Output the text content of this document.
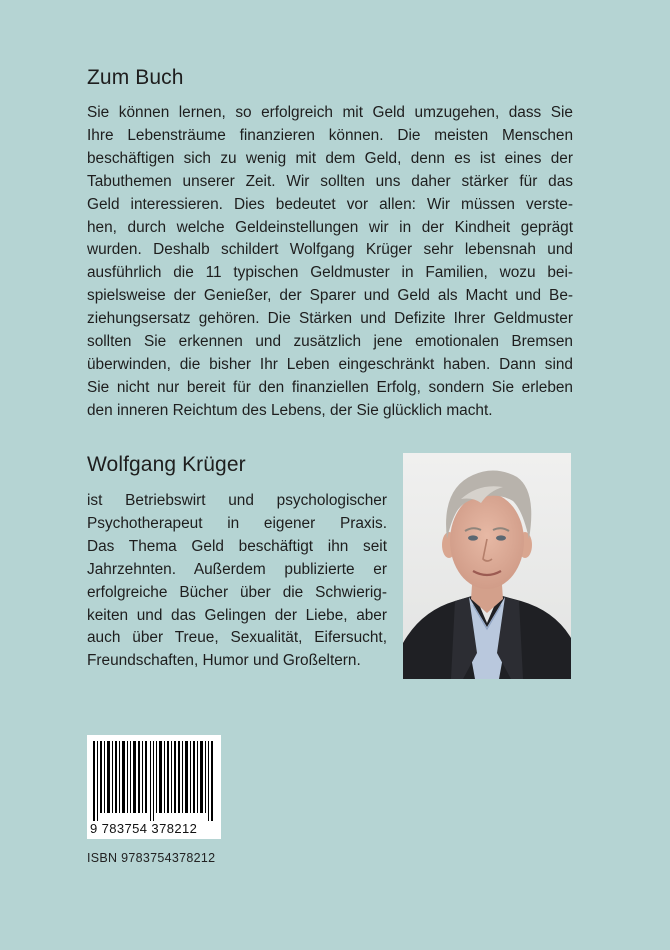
Zum Buch

Sie können lernen, so erfolgreich mit Geld umzugehen, dass Sie
Ihre Lebensträume finanzieren können. Die meisten Menschen
beschäftigen sich zu wenig mit dem Geld, denn es ist eines der
Tabuthemen unserer Zeit. Wir sollten uns daher stärker für das
Geld interessieren. Dies bedeutet vor allen: Wir müssen verste-
hen, durch welche Geldeinstellungen wir in der Kindheit geprägt
wurden. Deshalb schildert Wolfgang Krüger sehr lebensnah und
ausführlich die 11 typischen Geldmuster in Familien, wozu bei-
spielsweise der Genießer, der Sparer und Geld als Macht und Be-
ziehungsersatz gehören. Die Stärken und Defizite Ihrer Geldmuster
sollten Sie erkennen und zusätzlich jene emotionalen Bremsen
überwinden, die bisher Ihr Leben eingeschränkt haben. Dann sind
Sie nicht nur bereit für den finanziellen Erfolg, sondern Sie erleben
den inneren Reichtum des Lebens, der Sie glücklich macht.

Wolfgang Krüger

ist Betriebswirt und psychologischer
Psychotherapeut in eigener Praxis.
Das Thema Geld beschäftigt ihn seit
Jahrzehnten. Außerdem publizierte er
erfolgreiche Bücher über die Schwierig-
keiten und das Gelingen der Liebe, aber
auch über Treue, Sexualität, Eifersucht,
Freundschaften, Humor und Großeltern.

9 783754 378212
ISBN 9783754378212
